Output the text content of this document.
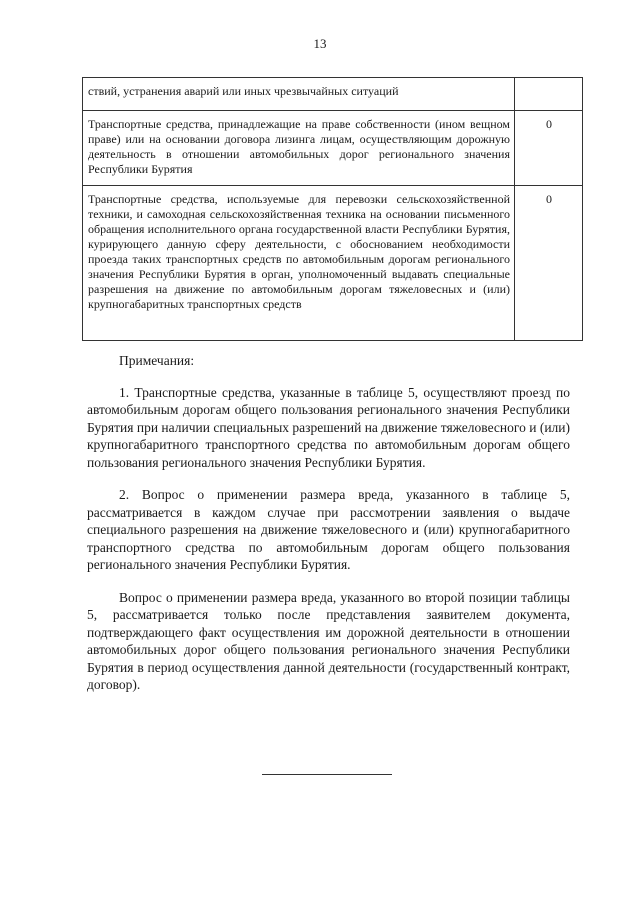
13
ствий, устранения аварий или иных чрезвычайных ситуаций	
Транспортные средства, принадлежащие на праве собственности (ином вещном праве) или на основании договора лизинга лицам, осуществляющим дорожную деятельность в отношении автомобильных дорог регионального значения Республики Бурятия	0
Транспортные средства, используемые для перевозки сельскохозяйственной техники, и самоходная сельскохозяйственная техника на основании письменного обращения исполнительного органа государственной власти Республики Бурятия, курирующего данную сферу деятельности, с обоснованием необходимости проезда таких транспортных средств по автомобильным дорогам регионального значения Республики Бурятия в орган, уполномоченный выдавать специальные разрешения на движение по автомобильным дорогам тяжеловесных и (или) крупногабаритных транспортных средств	0
Примечания:

1. Транспортные средства, указанные в таблице 5, осуществляют проезд по автомобильным дорогам общего пользования регионального значения Республики Бурятия при наличии специальных разрешений на движение тяжеловесного и (или) крупногабаритного транспортного средства по автомобильным дорогам общего пользования регионального значения Республики Бурятия.

2. Вопрос о применении размера вреда, указанного в таблице 5, рассматривается в каждом случае при рассмотрении заявления о выдаче специального разрешения на движение тяжеловесного и (или) крупногабаритного транспортного средства по автомобильным дорогам общего пользования регионального значения Республики Бурятия.

Вопрос о применении размера вреда, указанного во второй позиции таблицы 5, рассматривается только после представления заявителем документа, подтверждающего факт осуществления им дорожной деятельности в отношении автомобильных дорог общего пользования регионального значения Республики Бурятия в период осуществления данной деятельности (государственный контракт, договор).
